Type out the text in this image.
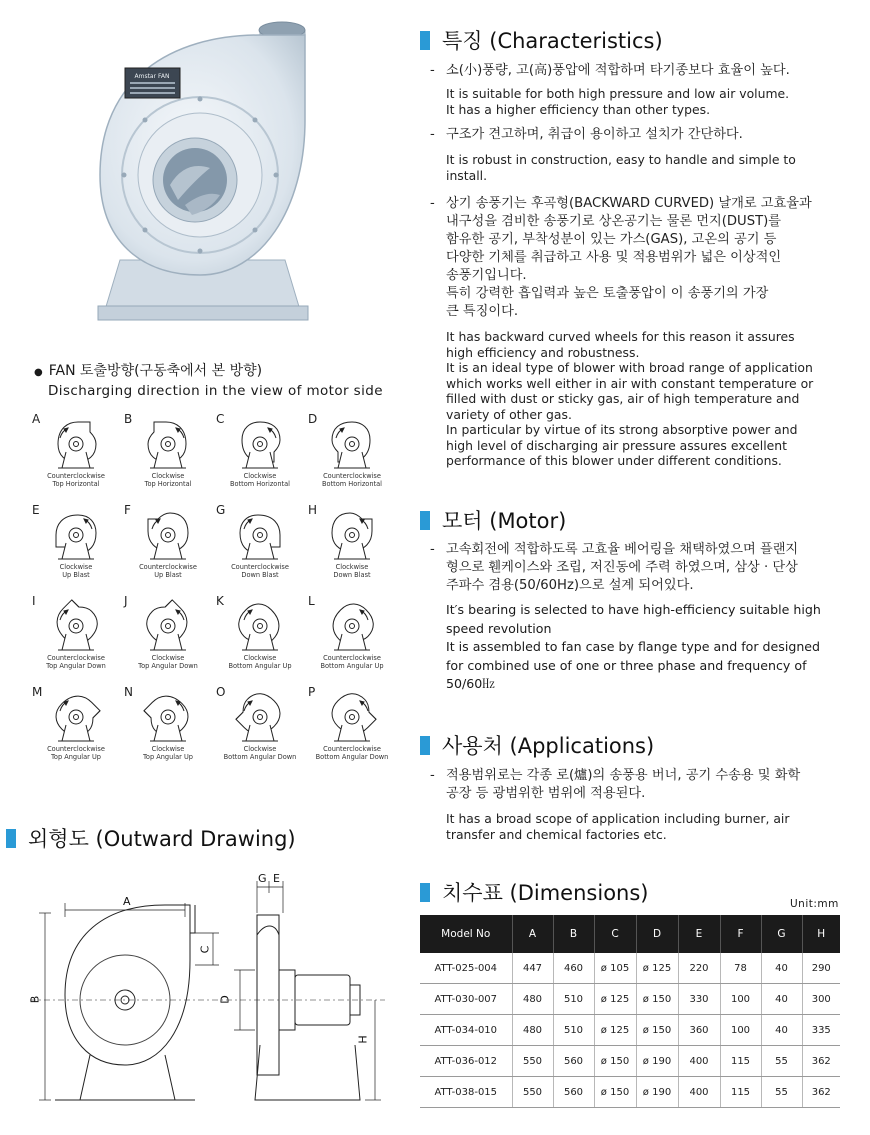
Amstar FAN
● FAN 토출방향(구동축에서 본 방향)
Discharging direction in the view of motor side
A
Counterclockwise
Top Horizontal
B
Clockwise
Top Horizontal
C
Clockwise
Bottom Horizontal
D
Counterclockwise
Bottom Horizontal
E
Clockwise
Up Blast
F
Counterclockwise
Up Blast
G
Counterclockwise
Down Blast
H
Clockwise
Down Blast
I
Counterclockwise
Top Angular Down
J
Clockwise
Top Angular Down
K
Clockwise
Bottom Angular Up
L
Counterclockwise
Bottom Angular Up
M
Counterclockwise
Top Angular Up
N
Clockwise
Top Angular Up
O
Clockwise
Bottom Angular Down
P
Counterclockwise
Bottom Angular Down
외형도 (Outward Drawing)
A
B
C
G E
D
H
특징 (Characteristics)
- 소(小)풍량, 고(高)풍압에 적합하며 타기종보다 효율이 높다.
It is suitable for both high pressure and low air volume.
It has a higher efficiency than other types.
- 구조가 견고하며, 취급이 용이하고 설치가 간단하다.
It is robust in construction, easy to handle and simple to
install.
- 상기 송풍기는 후곡형(BACKWARD CURVED) 날개로 고효율과
내구성을 겸비한 송풍기로 상온공기는 물론 먼지(DUST)를
함유한 공기, 부착성분이 있는 가스(GAS), 고온의 공기 등
다양한 기체를 취급하고 사용 및 적용범위가 넓은 이상적인
송풍기입니다.
특히 강력한 흡입력과 높은 토출풍압이 이 송풍기의 가장
큰 특징이다.
It has backward curved wheels for this reason it assures
high efficiency and robustness.
It is an ideal type of blower with broad range of application
which works well either in air with constant temperature or
filled with dust or sticky gas, air of high temperature and
variety of other gas.
In particular by virtue of its strong absorptive power and
high level of discharging air pressure assures excellent
performance of this blower under different conditions.
모터 (Motor)
- 고속회전에 적합하도록 고효율 베어링을 채택하였으며 플랜지
형으로 휀케이스와 조립, 저진동에 주력 하였으며, 삼상 · 단상
주파수 겸용(50/60Hz)으로 설계 되어있다.
It′s bearing is selected to have high-efficiency suitable high
speed revolution
It is assembled to fan case by flange type and for designed
for combined use of one or three phase and frequency of
50/60㎐
사용처 (Applications)
- 적용범위로는 각종 로(爐)의 송풍용 버너, 공기 수송용 및 화학
공장 등 광범위한 범위에 적용된다.
It has a broad scope of application including burner, air
transfer and chemical factories etc.
치수표 (Dimensions)	Unit:mm
Model No	A	B	C	D	E	F	G	H
ATT-025-004	447	460	ø 105	ø 125	220	78	40	290
ATT-030-007	480	510	ø 125	ø 150	330	100	40	300
ATT-034-010	480	510	ø 125	ø 150	360	100	40	335
ATT-036-012	550	560	ø 150	ø 190	400	115	55	362
ATT-038-015	550	560	ø 150	ø 190	400	115	55	362
